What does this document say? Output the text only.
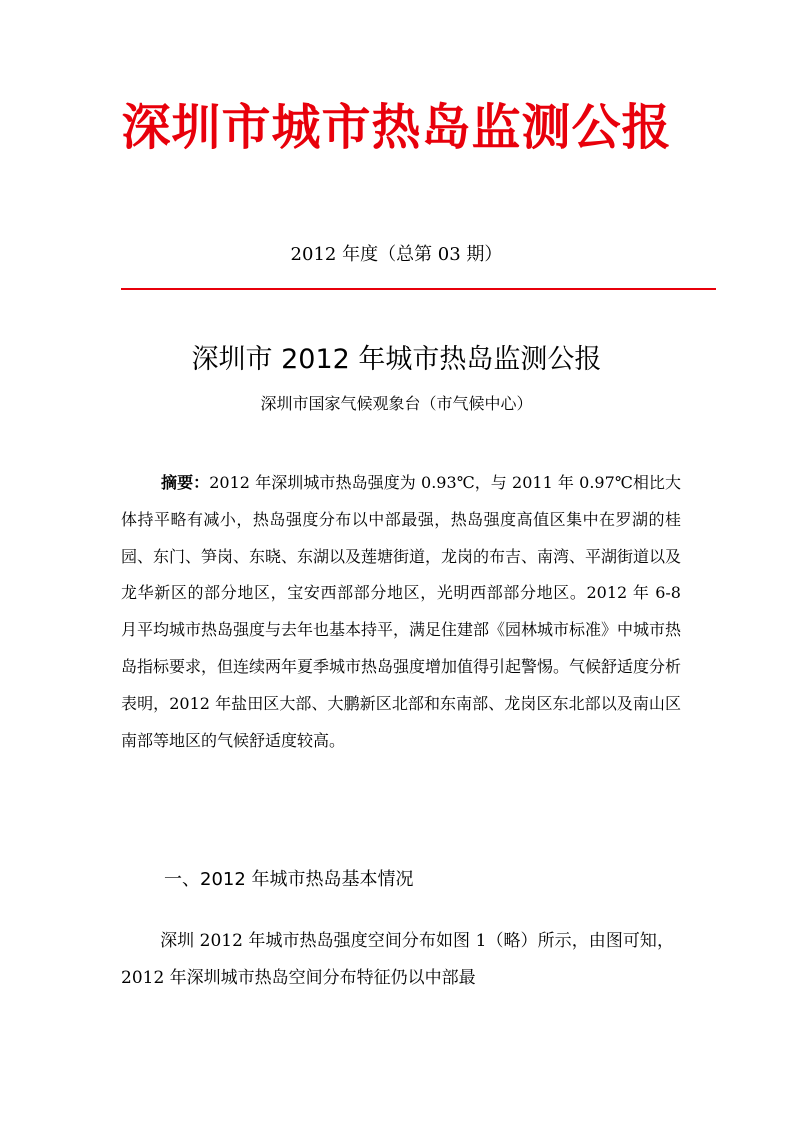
深圳市城市热岛监测公报
2012 年度（总第 03 期）
深圳市 2012 年城市热岛监测公报
深圳市国家气候观象台（市气候中心）

摘要：2012 年深圳城市热岛强度为 0.93℃，与 2011 年 0.97℃相比大体持平略有减小，热岛强度分布以中部最强，热岛强度高值区集中在罗湖的桂园、东门、笋岗、东晓、东湖以及莲塘街道，龙岗的布吉、南湾、平湖街道以及龙华新区的部分地区，宝安西部部分地区，光明西部部分地区。2012 年 6-8 月平均城市热岛强度与去年也基本持平，满足住建部《园林城市标准》中城市热岛指标要求，但连续两年夏季城市热岛强度增加值得引起警惕。气候舒适度分析表明，2012 年盐田区大部、大鹏新区北部和东南部、龙岗区东北部以及南山区南部等地区的气候舒适度较高。

一、2012 年城市热岛基本情况

深圳 2012 年城市热岛强度空间分布如图 1（略）所示，由图可知，2012 年深圳城市热岛空间分布特征仍以中部最
